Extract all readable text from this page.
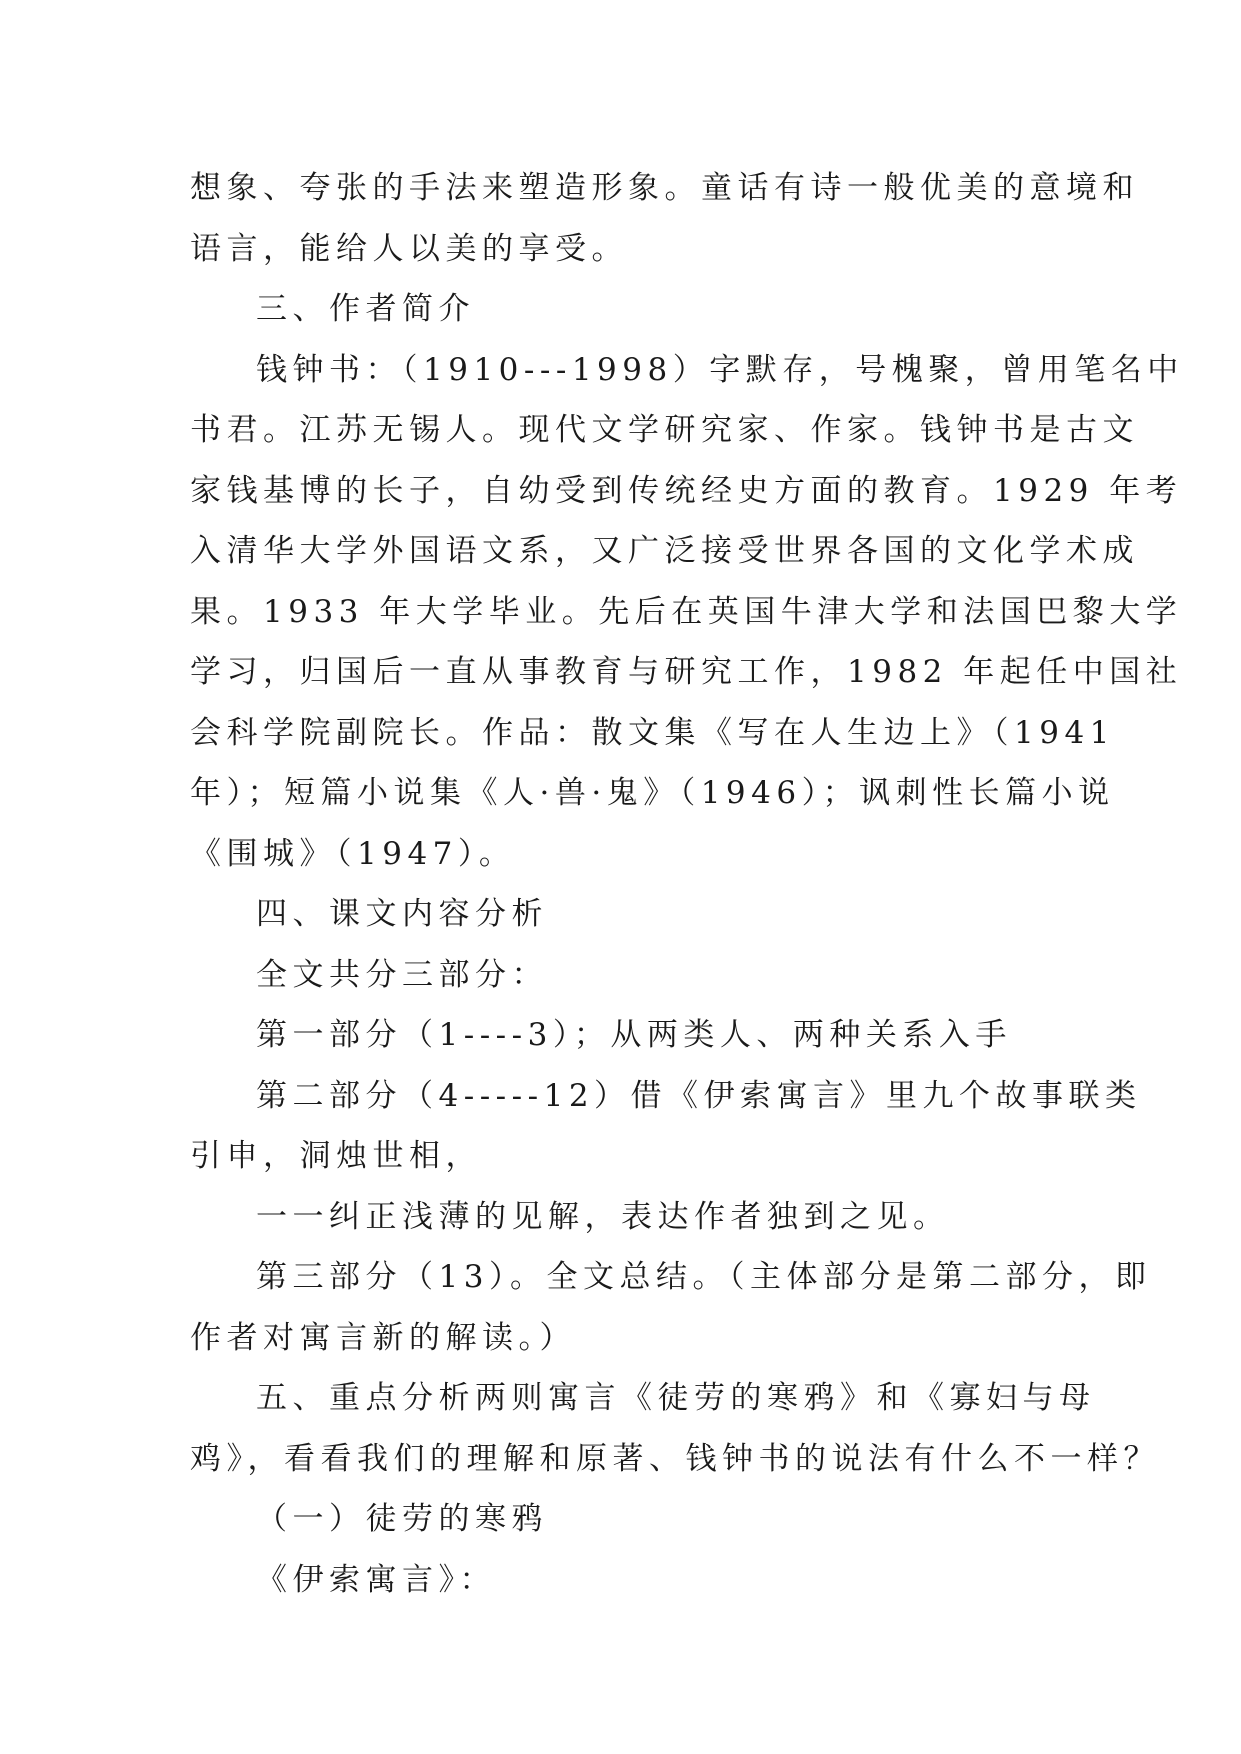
想象、夸张的手法来塑造形象。童话有诗一般优美的意境和
语言，能给人以美的享受。
三、作者简介
钱钟书：（1910---1998）字默存，号槐聚，曾用笔名中
书君。江苏无锡人。现代文学研究家、作家。钱钟书是古文
家钱基博的长子，自幼受到传统经史方面的教育。1929 年考
入清华大学外国语文系，又广泛接受世界各国的文化学术成
果。1933 年大学毕业。先后在英国牛津大学和法国巴黎大学
学习，归国后一直从事教育与研究工作，1982 年起任中国社
会科学院副院长。作品：散文集《写在人生边上》（1941
年）；短篇小说集《人·兽·鬼》（1946）；讽刺性长篇小说
《围城》（1947）。
四、课文内容分析
全文共分三部分：
第一部分（1----3）；从两类人、两种关系入手
第二部分（4-----12）借《伊索寓言》里九个故事联类
引申，洞烛世相，
一一纠正浅薄的见解，表达作者独到之见。
第三部分（13）。全文总结。（主体部分是第二部分，即
作者对寓言新的解读。）
五、重点分析两则寓言《徒劳的寒鸦》和《寡妇与母
鸡》，看看我们的理解和原著、钱钟书的说法有什么不一样？
（一）徒劳的寒鸦
《伊索寓言》：
